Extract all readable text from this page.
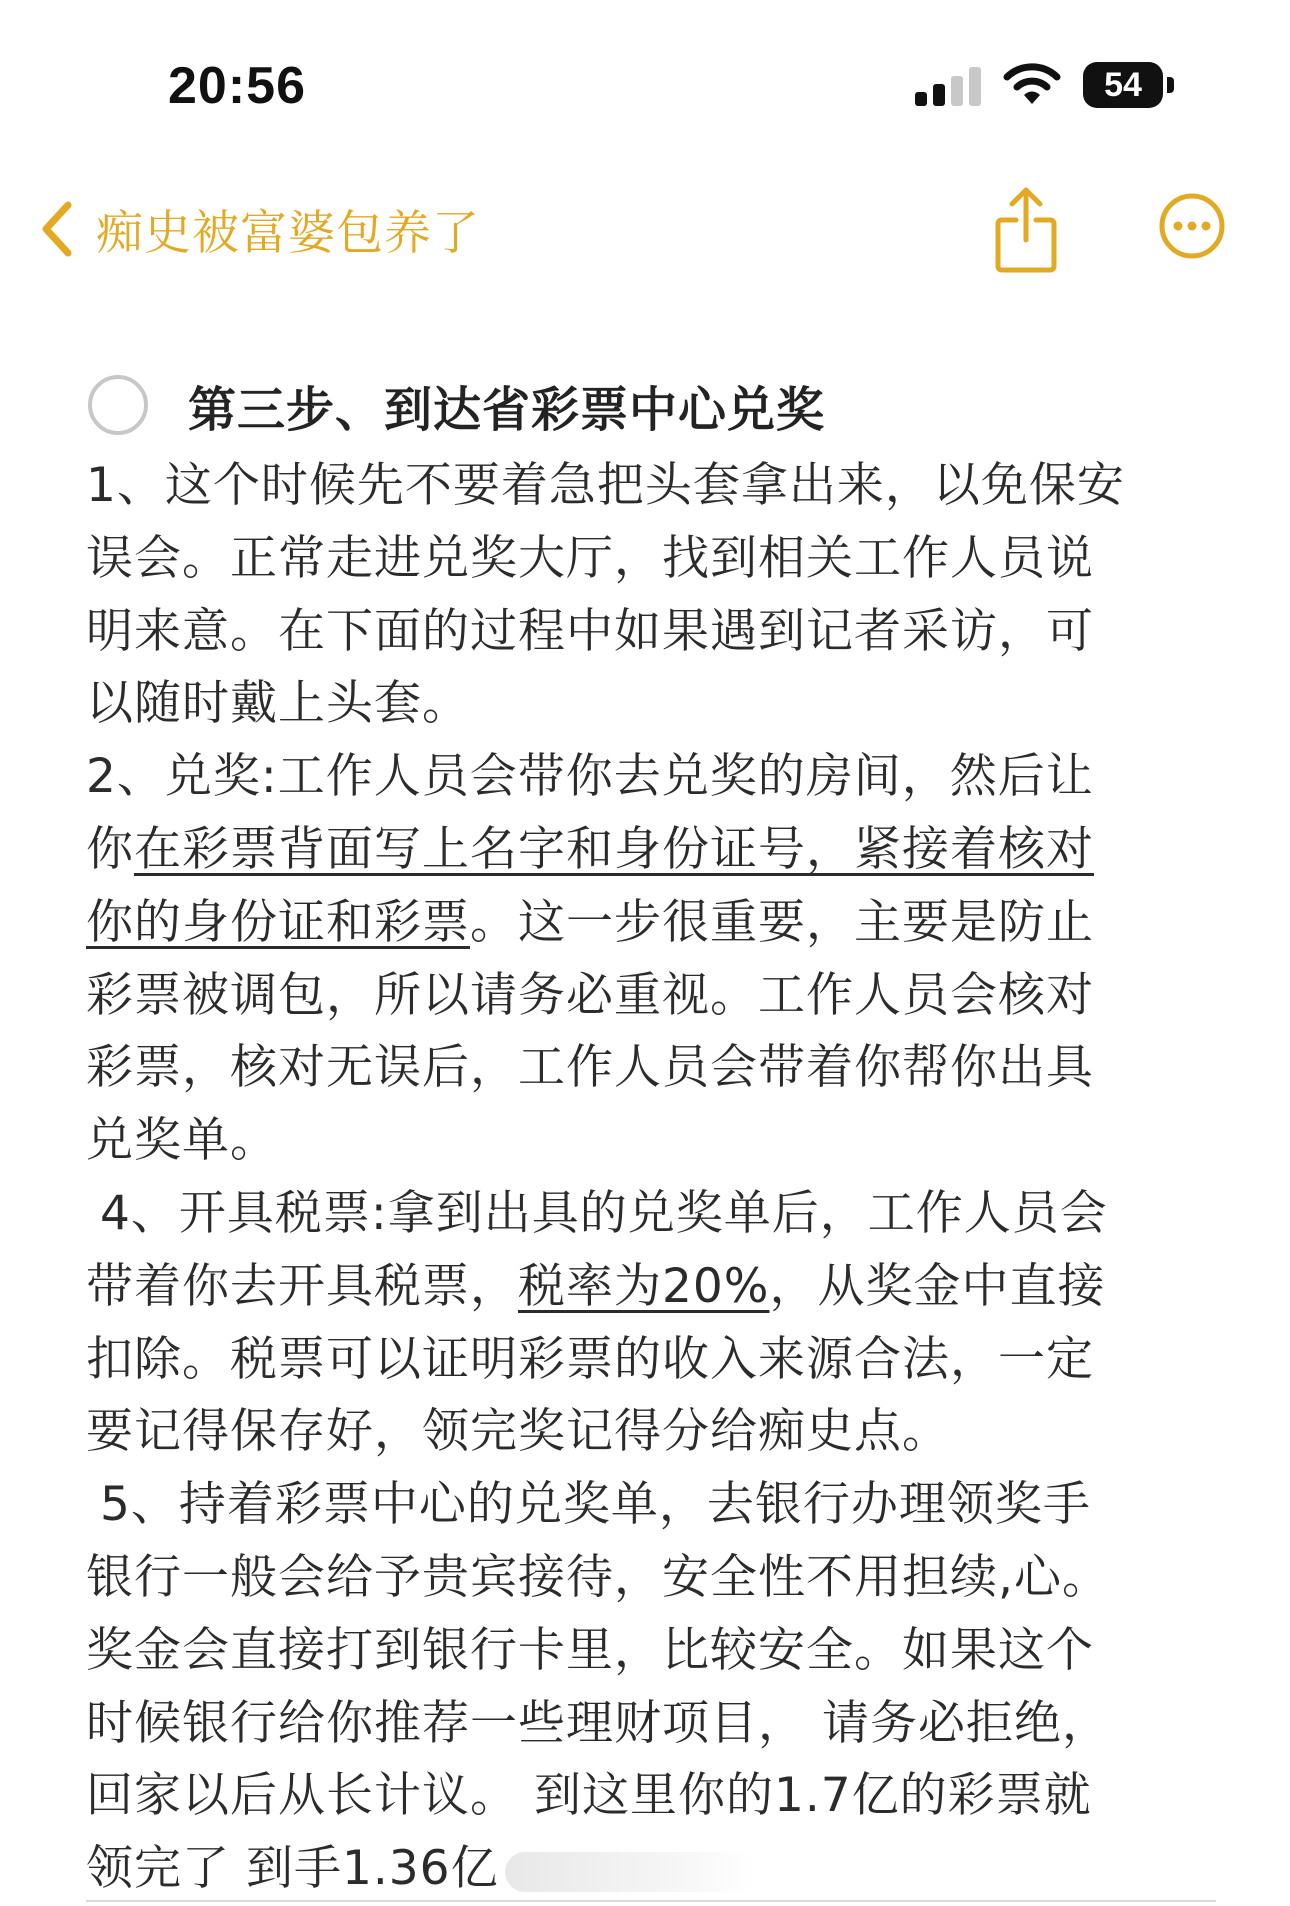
20:56	54
痴史被富婆包养了
第三步、到达省彩票中心兑奖
1、这个时候先不要着急把头套拿出来，以免保安
误会。正常走进兑奖大厅，找到相关工作人员说
明来意。在下面的过程中如果遇到记者采访，可
以随时戴上头套。
2、兑奖:工作人员会带你去兑奖的房间，然后让
你在彩票背面写上名字和身份证号，紧接着核对
你的身份证和彩票。这一步很重要，主要是防止
彩票被调包，所以请务必重视。工作人员会核对
彩票，核对无误后，工作人员会带着你帮你出具
兑奖单。
4、开具税票:拿到出具的兑奖单后，工作人员会
带着你去开具税票，税率为20%，从奖金中直接
扣除。税票可以证明彩票的收入来源合法，一定
要记得保存好，领完奖记得分给痴史点。
5、持着彩票中心的兑奖单，去银行办理领奖手
银行一般会给予贵宾接待，安全性不用担续,心。
奖金会直接打到银行卡里，比较安全。如果这个
时候银行给你推荐一些理财项目， 请务必拒绝，
回家以后从长计议。 到这里你的1.7亿的彩票就
领完了 到手1.36亿
